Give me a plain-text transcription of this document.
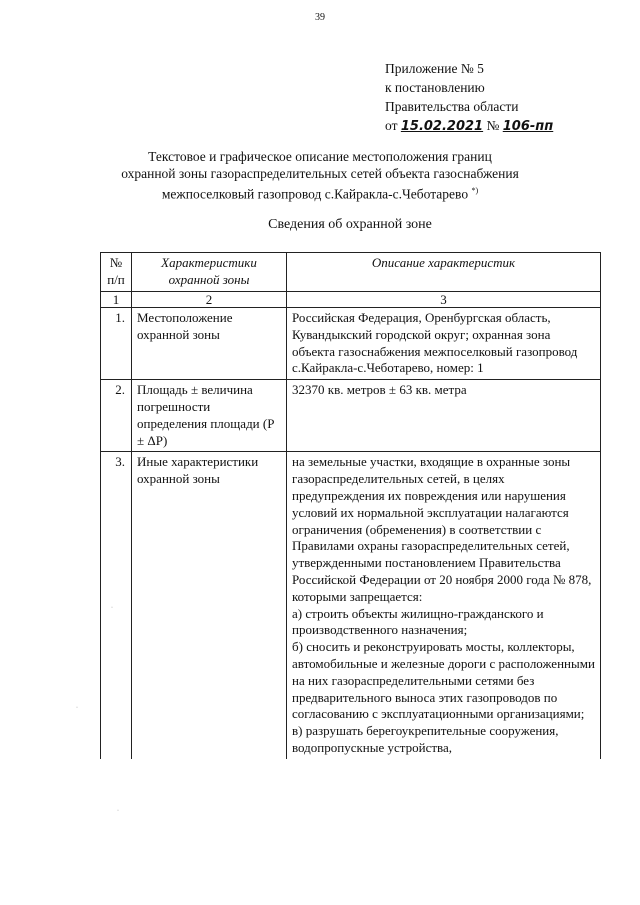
39
Приложение № 5
к постановлению
Правительства области
от 15.02.2021 № 106-пп
Текстовое и графическое описание местоположения границ
охранной зоны газораспределительных сетей объекта газоснабжения
межпоселковый газопровод с.Кайракла-с.Чеботарево *)
Сведения об охранной зоне
№ п/п	Характеристики охранной зоны	Описание характеристик
1	2	3
1.	Местоположение охранной зоны	Российская Федерация, Оренбургская область, Кувандыкский городской округ; охранная зона объекта газоснабжения межпоселковый газопровод с.Кайракла-с.Чеботарево, номер: 1
2.	Площадь ± величина погрешности определения площади (P ± ΔP)	32370 кв. метров ± 63 кв. метра
3.	Иные характеристики охранной зоны	на земельные участки, входящие в охранные зоны газораспределительных сетей, в целях предупреждения их повреждения или нарушения условий их нормальной эксплуатации налагаются ограничения (обременения) в соответствии с Правилами охраны газораспределительных сетей, утвержденными постановлением Правительства Российской Федерации от 20 ноября 2000 года № 878, которыми запрещается:
а) строить объекты жилищно-гражданского и производственного назначения;
б) сносить и реконструировать мосты, коллекторы, автомобильные и железные дороги с расположенными на них газораспределительными сетями без предварительного выноса этих газопроводов по согласованию с эксплуатационными организациями;
в) разрушать берегоукрепительные сооружения, водопропускные устройства,
·
·
·
